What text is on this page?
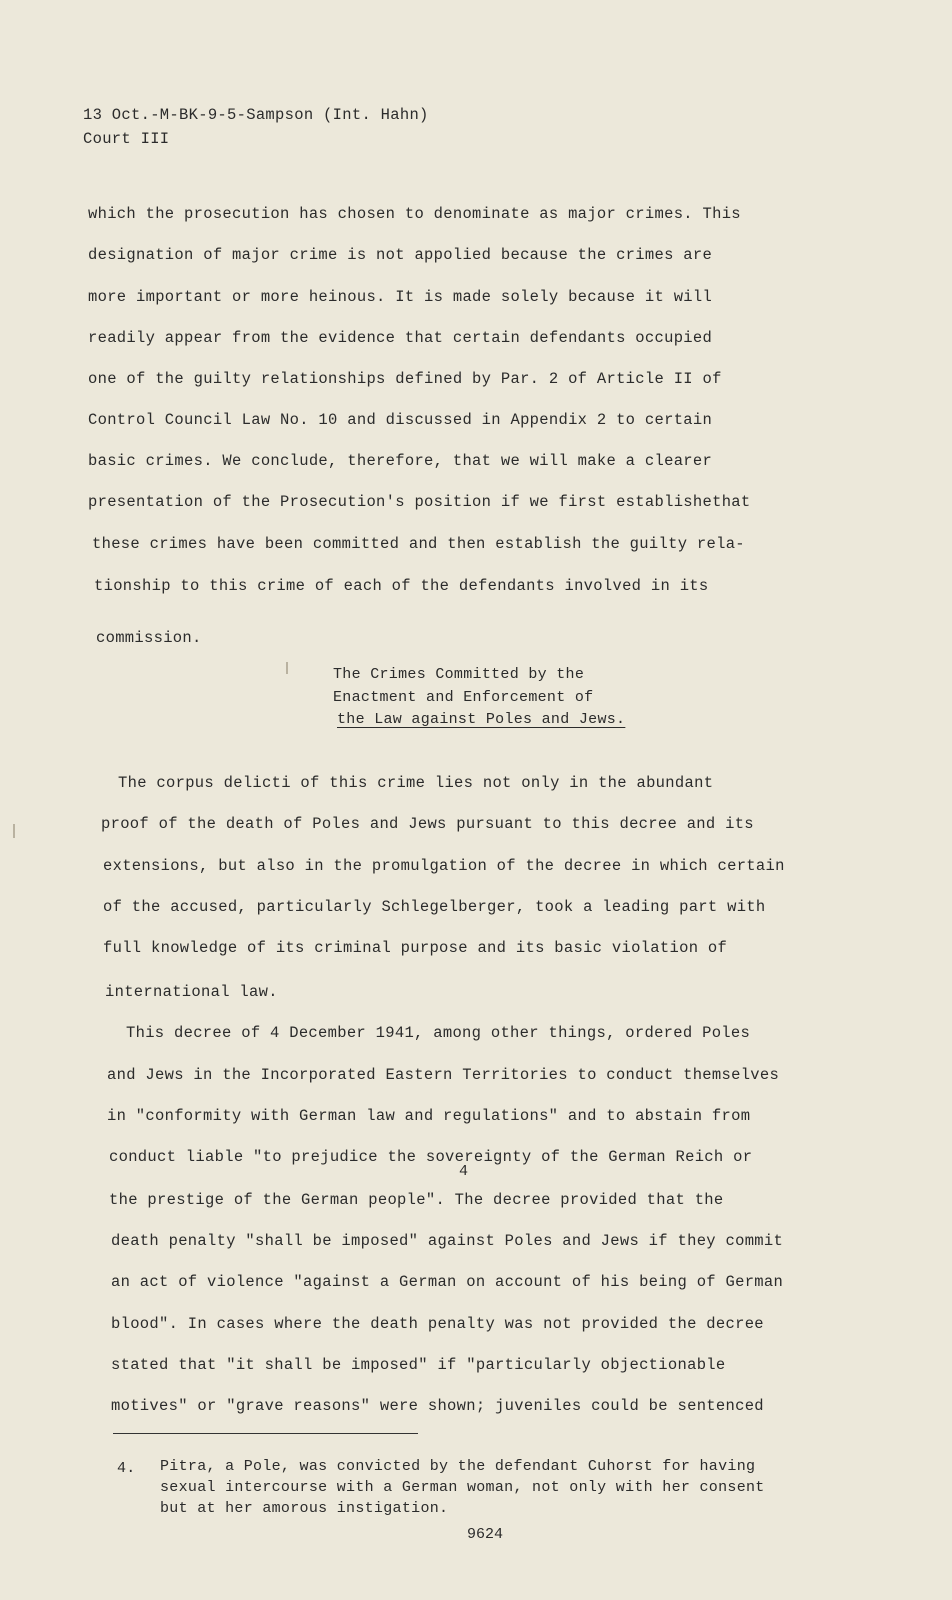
13 Oct.-M-BK-9-5-Sampson (Int. Hahn)
Court III
which the prosecution has chosen to denominate as major crimes. This
designation of major crime is not appolied because the crimes are
more important or more heinous. It is made solely because it will
readily appear from the evidence that certain defendants occupied
one of the guilty relationships defined by Par. 2 of Article II of
Control Council Law No. 10 and discussed in Appendix 2 to certain
basic crimes. We conclude, therefore, that we will make a clearer
presentation of the Prosecution's position if we first establishethat
these crimes have been committed and then establish the guilty rela-
tionship to this crime of each of the defendants involved in its
commission.
The Crimes Committed by the
Enactment and Enforcement of
the Law against Poles and Jews.
The corpus delicti of this crime lies not only in the abundant
proof of the death of Poles and Jews pursuant to this decree and its
extensions, but also in the promulgation of the decree in which certain
of the accused, particularly Schlegelberger, took a leading part with
full knowledge of its criminal purpose and its basic violation of
international law.
This decree of 4 December 1941, among other things, ordered Poles
and Jews in the Incorporated Eastern Territories to conduct themselves
in "conformity with German law and regulations" and to abstain from
conduct liable "to prejudice the sovereignty of the German Reich or
the prestige of the German people". The decree provided that the
death penalty "shall be imposed" against Poles and Jews if they commit
an act of violence "against a German on account of his being of German
blood". In cases where the death penalty was not provided the decree
stated that "it shall be imposed" if "particularly objectionable
motives" or "grave reasons" were shown; juveniles could be sentenced
4
4. Pitra, a Pole, was convicted by the defendant Cuhorst for having
sexual intercourse with a German woman, not only with her consent
but at her amorous instigation.
9624
